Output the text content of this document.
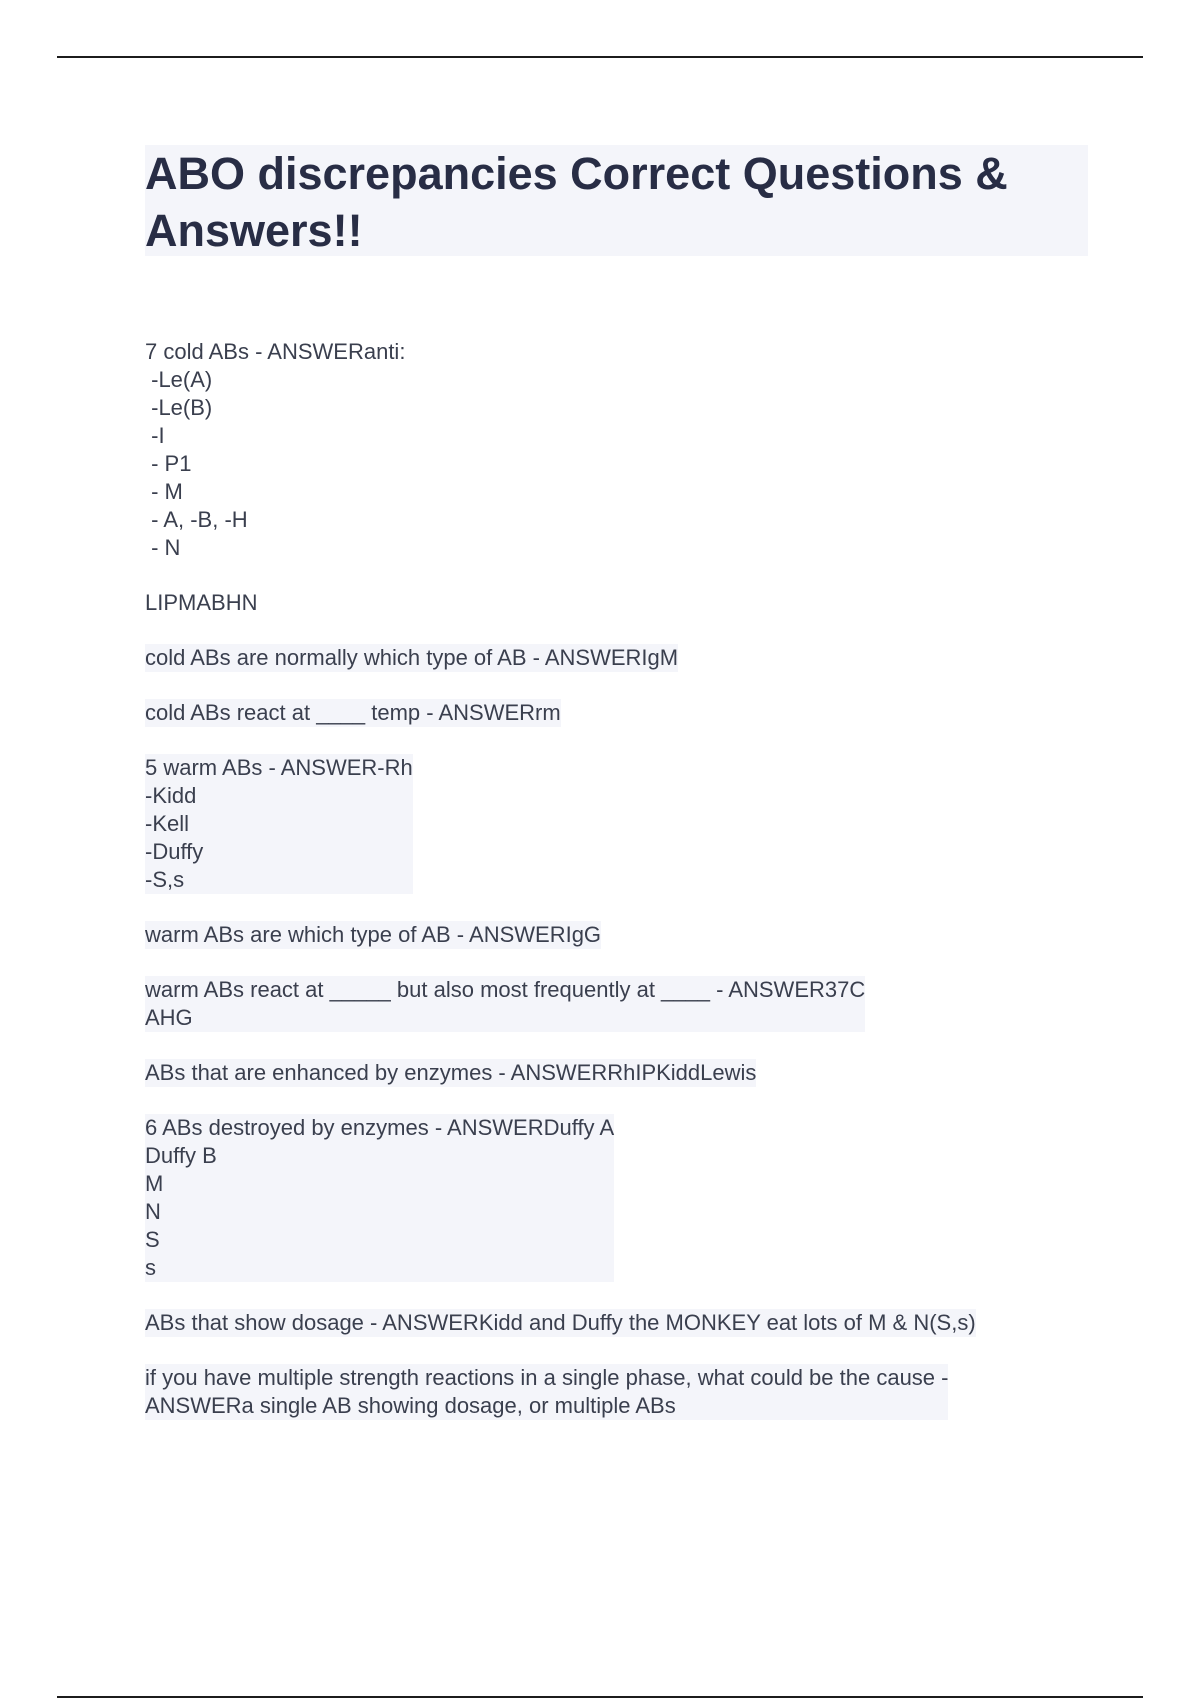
ABO discrepancies Correct Questions & Answers!!
7 cold ABs - ANSWERanti:
-Le(A)
-Le(B)
-I
- P1
- M
- A, -B, -H
- N
LIPMABHN
cold ABs are normally which type of AB - ANSWERIgM
cold ABs react at ____ temp - ANSWERrm
5 warm ABs - ANSWER-Rh
-Kidd
-Kell
-Duffy
-S,s
warm ABs are which type of AB - ANSWERIgG
warm ABs react at _____ but also most frequently at ____ - ANSWER37C
AHG
ABs that are enhanced by enzymes - ANSWERRhIPKiddLewis
6 ABs destroyed by enzymes - ANSWERDuffy A
Duffy B
M
N
S
s
ABs that show dosage - ANSWERKidd and Duffy the MONKEY eat lots of M & N(S,s)
if you have multiple strength reactions in a single phase, what could be the cause -
ANSWERa single AB showing dosage, or multiple ABs
